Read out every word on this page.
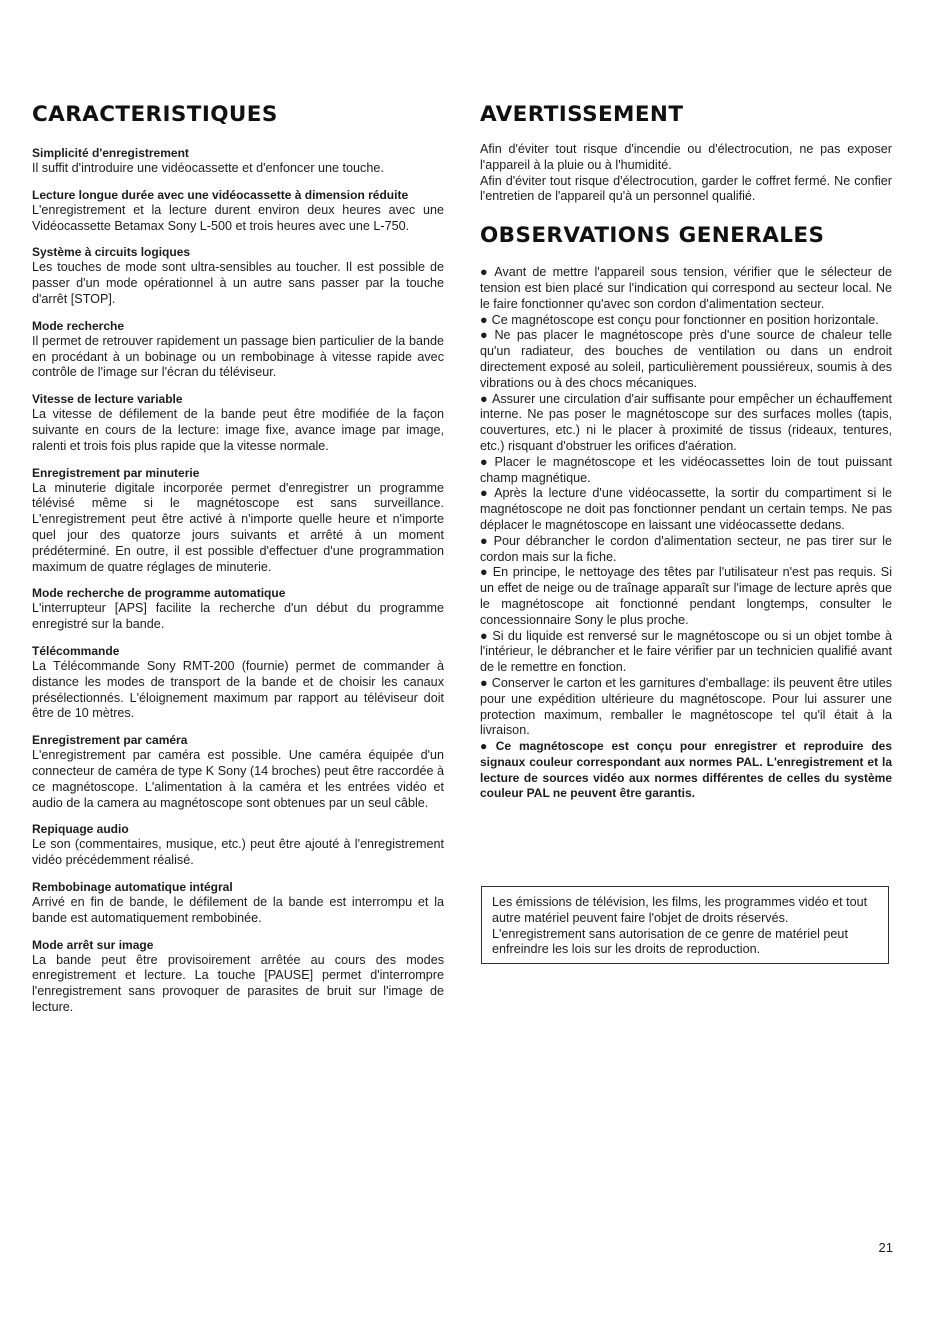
CARACTERISTIQUES

Simplicité d'enregistrement

Il suffit d'introduire une vidéocassette et d'enfoncer une touche.

Lecture longue durée avec une vidéocassette à dimension réduite

L'enregistrement et la lecture durent environ deux heures avec une Vidéocassette Betamax Sony L-500 et trois heures avec une L-750.

Système à circuits logiques

Les touches de mode sont ultra-sensibles au toucher. Il est possible de passer d'un mode opérationnel à un autre sans passer par la touche d'arrêt [STOP].

Mode recherche

Il permet de retrouver rapidement un passage bien particulier de la bande en procédant à un bobinage ou un rembobinage à vitesse rapide avec contrôle de l'image sur l'écran du téléviseur.

Vitesse de lecture variable

La vitesse de défilement de la bande peut être modifiée de la façon suivante en cours de la lecture: image fixe, avance image par image, ralenti et trois fois plus rapide que la vitesse normale.

Enregistrement par minuterie

La minuterie digitale incorporée permet d'enregistrer un programme télévisé même si le magnétoscope est sans surveillance. L'enregistrement peut être activé à n'importe quelle heure et n'importe quel jour des quatorze jours suivants et arrêté à un moment prédéterminé. En outre, il est possible d'effectuer d'une programmation maximum de quatre réglages de minuterie.

Mode recherche de programme automatique

L'interrupteur [APS] facilite la recherche d'un début du programme enregistré sur la bande.

Télécommande

La Télécommande Sony RMT-200 (fournie) permet de commander à distance les modes de transport de la bande et de choisir les canaux présélectionnés. L'éloignement maximum par rapport au téléviseur doit être de 10 mètres.

Enregistrement par caméra

L'enregistrement par caméra est possible. Une caméra équipée d'un connecteur de caméra de type K Sony (14 broches) peut être raccordée à ce magnétoscope. L'alimentation à la caméra et les entrées vidéo et audio de la camera au magnétoscope sont obtenues par un seul câble.

Repiquage audio

Le son (commentaires, musique, etc.) peut être ajouté à l'enregistrement vidéo précédemment réalisé.

Rembobinage automatique intégral

Arrivé en fin de bande, le défilement de la bande est interrompu et la bande est automatiquement rembobinée.

Mode arrêt sur image

La bande peut être provisoirement arrêtée au cours des modes enregistrement et lecture. La touche [PAUSE] permet d'interrompre l'enregistrement sans provoquer de parasites de bruit sur l'image de lecture.

AVERTISSEMENT

Afin d'éviter tout risque d'incendie ou d'électrocution, ne pas exposer l'appareil à la pluie ou à l'humidité.

Afin d'éviter tout risque d'électrocution, garder le coffret fermé. Ne confier l'entretien de l'appareil qu'à un personnel qualifié.

OBSERVATIONS GENERALES
● Avant de mettre l'appareil sous tension, vérifier que le sélecteur de tension est bien placé sur l'indication qui correspond au secteur local. Ne le faire fonctionner qu'avec son cordon d'alimentation secteur.
● Ce magnétoscope est conçu pour fonctionner en position horizontale.
● Ne pas placer le magnétoscope près d'une source de chaleur telle qu'un radiateur, des bouches de ventilation ou dans un endroit directement exposé au soleil, particulièrement poussiéreux, soumis à des vibrations ou à des chocs mécaniques.
● Assurer une circulation d'air suffisante pour empêcher un échauffement interne. Ne pas poser le magnétoscope sur des surfaces molles (tapis, couvertures, etc.) ni le placer à proximité de tissus (rideaux, tentures, etc.) risquant d'obstruer les orifices d'aération.
● Placer le magnétoscope et les vidéocassettes loin de tout puissant champ magnétique.
● Après la lecture d'une vidéocassette, la sortir du compartiment si le magnétoscope ne doit pas fonctionner pendant un certain temps. Ne pas déplacer le magnétoscope en laissant une vidéocassette dedans.
● Pour débrancher le cordon d'alimentation secteur, ne pas tirer sur le cordon mais sur la fiche.
● En principe, le nettoyage des têtes par l'utilisateur n'est pas requis. Si un effet de neige ou de traînage apparaît sur l'image de lecture après que le magnétoscope ait fonctionné pendant longtemps, consulter le concessionnaire Sony le plus proche.
● Si du liquide est renversé sur le magnétoscope ou si un objet tombe à l'intérieur, le débrancher et le faire vérifier par un technicien qualifié avant de le remettre en fonction.
● Conserver le carton et les garnitures d'emballage: ils peuvent être utiles pour une expédition ultérieure du magnétoscope. Pour lui assurer une protection maximum, remballer le magnétoscope tel qu'il était à la livraison.
● Ce magnétoscope est conçu pour enregistrer et reproduire des signaux couleur correspondant aux normes PAL. L'enregistrement et la lecture de sources vidéo aux normes différentes de celles du système couleur PAL ne peuvent être garantis.

Les émissions de télévision, les films, les programmes vidéo et tout autre matériel peuvent faire l'objet de droits réservés. L'enregistrement sans autorisation de ce genre de matériel peut enfreindre les lois sur les droits de reproduction.

21
